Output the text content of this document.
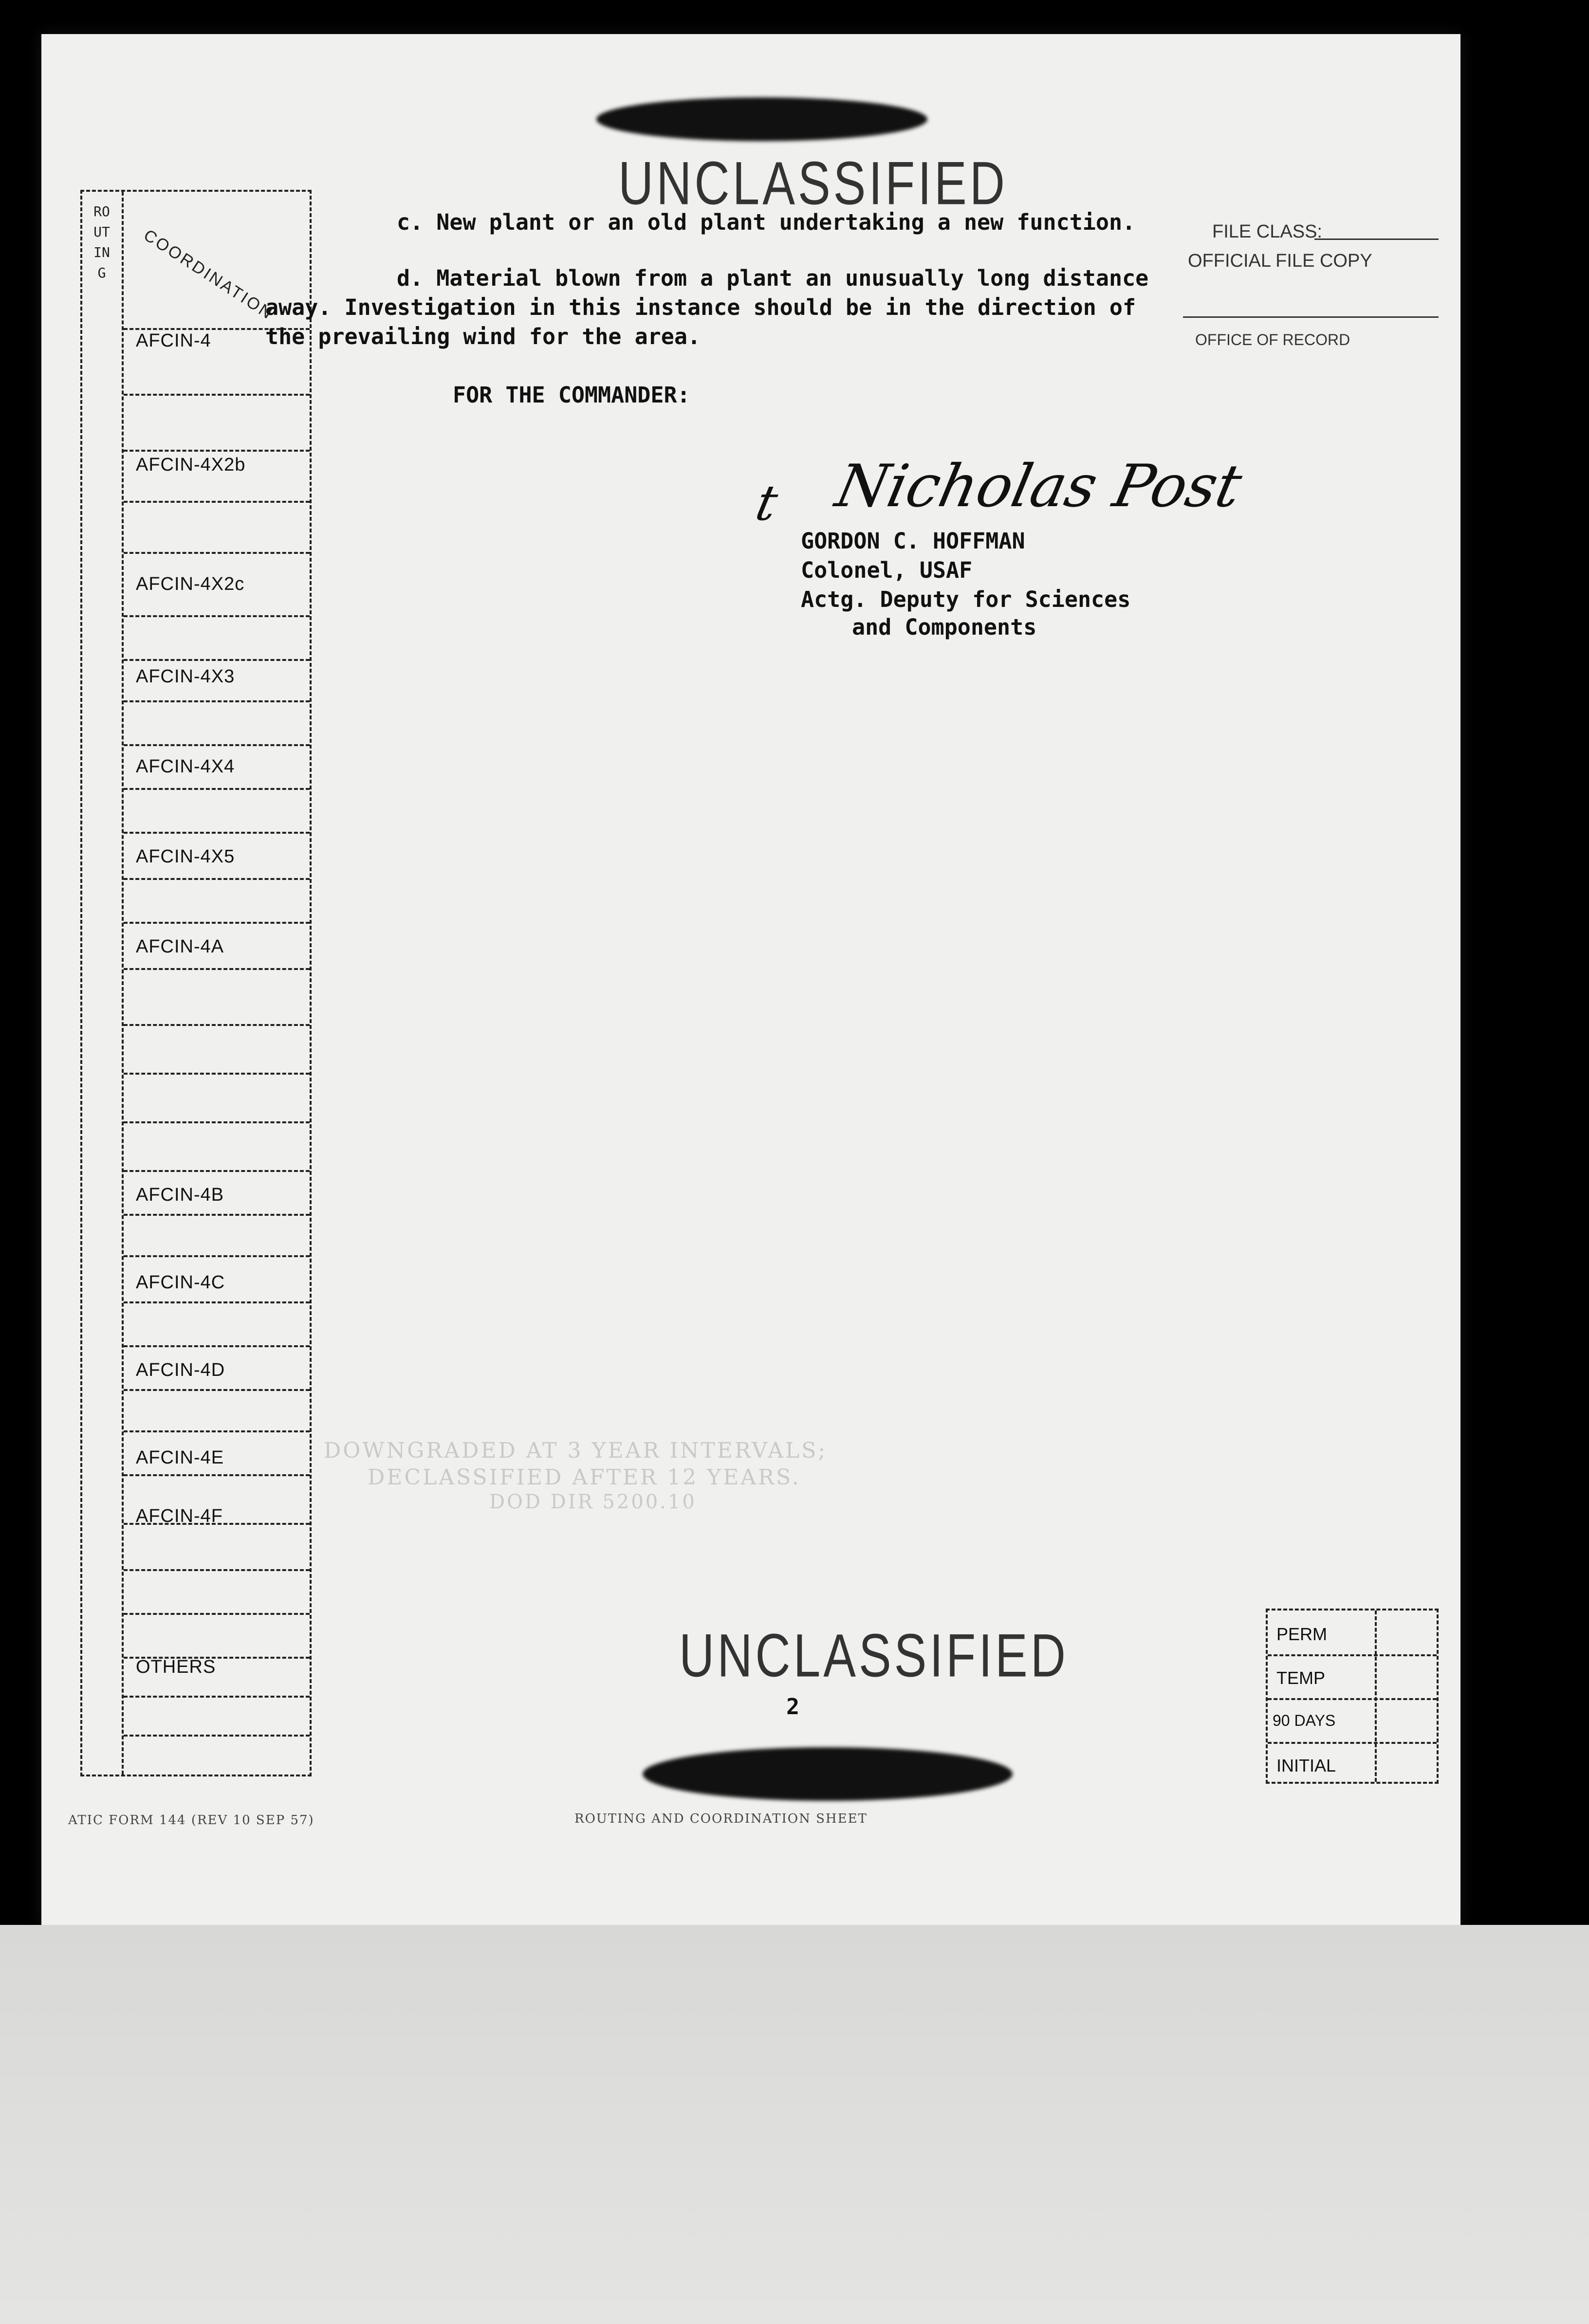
UNCLASSIFIED
FILE CLASS:
OFFICIAL FILE COPY
OFFICE OF RECORD
ROUTING	COORDINATION
AFCIN-4
AFCIN-4X2b
AFCIN-4X2c
AFCIN-4X3
AFCIN-4X4
AFCIN-4X5
AFCIN-4A
AFCIN-4B
AFCIN-4C
AFCIN-4D
AFCIN-4E
AFCIN-4F
OTHERS
c. New plant or an old plant undertaking a new function.
d. Material blown from a plant an unusually long distance
away. Investigation in this instance should be in the direction of
the prevailing wind for the area.
FOR THE COMMANDER:
t Nicholas Post
GORDON C. HOFFMAN
Colonel, USAF
Actg. Deputy for Sciences
and Components
DOWNGRADED AT 3 YEAR INTERVALS;
DECLASSIFIED AFTER 12 YEARS.
DOD DIR 5200.10
UNCLASSIFIED
2
PERM
TEMP
90 DAYS
INITIAL
ATIC FORM 144 (REV 10 SEP 57)	ROUTING AND COORDINATION SHEET
